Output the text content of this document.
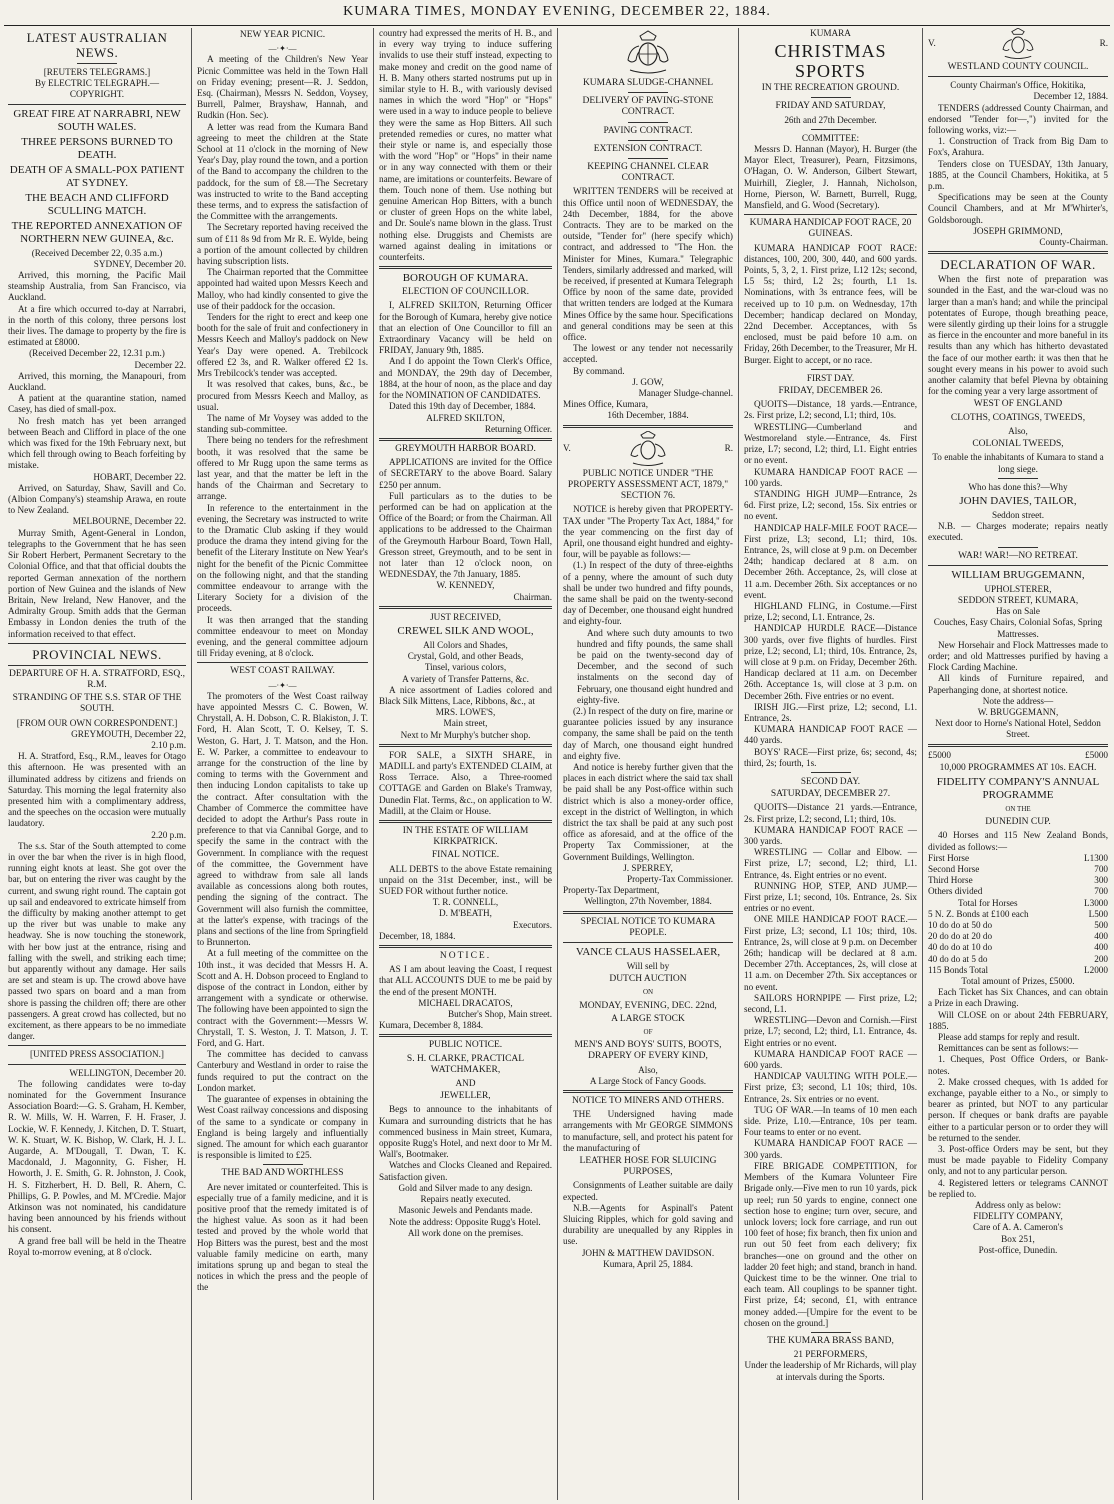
KUMARA TIMES, MONDAY EVENING, DECEMBER 22, 1884.
LATEST AUSTRALIAN NEWS.
[REUTERS TELEGRAMS.]
By ELECTRIC TELEGRAPH.—COPYRIGHT.
GREAT FIRE AT NARRABRI, NEW SOUTH WALES.
THREE PERSONS BURNED TO DEATH.
DEATH OF A SMALL-POX PATIENT AT SYDNEY.
THE BEACH AND CLIFFORD SCULLING MATCH.
THE REPORTED ANNEXATION OF NORTHERN NEW GUINEA, &c.
(Received December 22, 0.35 a.m.)
SYDNEY, December 20.

Arrived, this morning, the Pacific Mail steamship Australia, from San Francisco, via Auckland.

At a fire which occurred to-day at Narrabri, in the north of this colony, three persons lost their lives. The damage to property by the fire is estimated at £8000.

(Received December 22, 12.31 p.m.)
December 22.

Arrived, this morning, the Manapouri, from Auckland.

A patient at the quarantine station, named Casey, has died of small-pox.

No fresh match has yet been arranged between Beach and Clifford in place of the one which was fixed for the 19th February next, but which fell through owing to Beach forfeiting by mistake.

HOBART, December 22.

Arrived, on Saturday, Shaw, Savill and Co. (Albion Company's) steamship Arawa, en route to New Zealand.

MELBOURNE, December 22.

Murray Smith, Agent-General in London, telegraphs to the Government that he has seen Sir Robert Herbert, Permanent Secretary to the Colonial Office, and that that official doubts the reported German annexation of the northern portion of New Guinea and the islands of New Britain, New Ireland, New Hanover, and the Admiralty Group. Smith adds that the German Embassy in London denies the truth of the information received to that effect.

PROVINCIAL NEWS.
DEPARTURE OF H. A. STRATFORD, ESQ., R.M.
STRANDING OF THE S.S. STAR OF THE SOUTH.
[FROM OUR OWN CORRESPONDENT.]
GREYMOUTH, December 22,
2.10 p.m.

H. A. Stratford, Esq., R.M., leaves for Otago this afternoon. He was presented with an illuminated address by citizens and friends on Saturday. This morning the legal fraternity also presented him with a complimentary address, and the speeches on the occasion were mutually laudatory.

2.20 p.m.

The s.s. Star of the South attempted to come in over the bar when the river is in high flood, running eight knots at least. She got over the bar, but on entering the river was caught by the current, and swung right round. The captain got up sail and endeavored to extricate himself from the difficulty by making another attempt to get up the river but was unable to make any headway. She is now touching the stonework, with her bow just at the entrance, rising and falling with the swell, and striking each time; but apparently without any damage. Her sails are set and steam is up. The crowd above have passed two spars on board and a man from shore is passing the children off; there are other passengers. A great crowd has collected, but no excitement, as there appears to be no immediate danger.

[UNITED PRESS ASSOCIATION.]
WELLINGTON, December 20.

The following candidates were to-day nominated for the Government Insurance Association Board:—G. S. Graham, H. Kember, R. W. Mills, W. H. Warren, F. H. Fraser, J. Lockie, W. F. Kennedy, J. Kitchen, D. T. Stuart, W. K. Stuart, W. K. Bishop, W. Clark, H. J. L. Augarde, A. M'Dougall, T. Dwan, T. K. Macdonald, J. Magonnity, G. Fisher, H. Howorth, J. E. Smith, G. R. Johnston, J. Cook, H. S. Fitzherbert, H. D. Bell, R. Ahern, C. Phillips, G. P. Powles, and M. M'Credie. Major Atkinson was not nominated, his candidature having been announced by his friends without his consent.

A grand free ball will be held in the Theatre Royal to-morrow evening, at 8 o'clock.

NEW YEAR PICNIC.
—·✦·—

A meeting of the Children's New Year Picnic Committee was held in the Town Hall on Friday evening; present—R. J. Seddon, Esq. (Chairman), Messrs N. Seddon, Voysey, Burrell, Palmer, Brayshaw, Hannah, and Rudkin (Hon. Sec).

A letter was read from the Kumara Band agreeing to meet the children at the State School at 11 o'clock in the morning of New Year's Day, play round the town, and a portion of the Band to accompany the children to the paddock, for the sum of £8.—The Secretary was instructed to write to the Band accepting these terms, and to express the satisfaction of the Committee with the arrangements.

The Secretary reported having received the sum of £11 8s 9d from Mr R. E. Wylde, being a portion of the amount collected by children having subscription lists.

The Chairman reported that the Committee appointed had waited upon Messrs Keech and Malloy, who had kindly consented to give the use of their paddock for the occasion.

Tenders for the right to erect and keep one booth for the sale of fruit and confectionery in Messrs Keech and Malloy's paddock on New Year's Day were opened. A. Trebilcock offered £2 3s, and R. Walker offered £2 1s. Mrs Trebilcock's tender was accepted.

It was resolved that cakes, buns, &c., be procured from Messrs Keech and Malloy, as usual.

The name of Mr Voysey was added to the standing sub-committee.

There being no tenders for the refreshment booth, it was resolved that the same be offered to Mr Rugg upon the same terms as last year, and that the matter be left in the hands of the Chairman and Secretary to arrange.

In reference to the entertainment in the evening, the Secretary was instructed to write to the Dramatic Club asking if they would produce the drama they intend giving for the benefit of the Literary Institute on New Year's night for the benefit of the Picnic Committee on the following night, and that the standing committee endeavour to arrange with the Literary Society for a division of the proceeds.

It was then arranged that the standing committee endeavour to meet on Monday evening, and the general committee adjourn till Friday evening, at 8 o'clock.

WEST COAST RAILWAY.
—·✦·—

The promoters of the West Coast railway have appointed Messrs C. C. Bowen, W. Chrystall, A. H. Dobson, C. R. Blakiston, J. T. Ford, H. Alan Scott, T. O. Kelsey, T. S. Weston, G. Hart, J. T. Matson, and the Hon. E. W. Parker, a committee to endeavour to arrange for the construction of the line by coming to terms with the Government and then inducing London capitalists to take up the contract. After consultation with the Chamber of Commerce the committee have decided to adopt the Arthur's Pass route in preference to that via Cannibal Gorge, and to specify the same in the contract with the Government. In compliance with the request of the committee, the Government have agreed to withdraw from sale all lands available as concessions along both routes, pending the signing of the contract. The Government will also furnish the committee, at the latter's expense, with tracings of the plans and sections of the line from Springfield to Brunnerton.

At a full meeting of the committee on the 10th inst., it was decided that Messrs H. A. Scott and A. H. Dobson proceed to England to dispose of the contract in London, either by arrangement with a syndicate or otherwise. The following have been appointed to sign the contract with the Government:—Messrs W. Chrystall, T. S. Weston, J. T. Matson, J. T. Ford, and G. Hart.

The committee has decided to canvass Canterbury and Westland in order to raise the funds required to put the contract on the London market.

The guarantee of expenses in obtaining the West Coast railway concessions and disposing of the same to a syndicate or company in England is being largely and influentially signed. The amount for which each guarantor is responsible is limited to £25.

THE BAD AND WORTHLESS

Are never imitated or counterfeited. This is especially true of a family medicine, and it is positive proof that the remedy imitated is of the highest value. As soon as it had been tested and proved by the whole world that Hop Bitters was the purest, best and the most valuable family medicine on earth, many imitations sprung up and began to steal the notices in which the press and the people of the

country had expressed the merits of H. B., and in every way trying to induce suffering invalids to use their stuff instead, expecting to make money and credit on the good name of H. B. Many others started nostrums put up in similar style to H. B., with variously devised names in which the word "Hop" or "Hops" were used in a way to induce people to believe they were the same as Hop Bitters. All such pretended remedies or cures, no matter what their style or name is, and especially those with the word "Hop" or "Hops" in their name or in any way connected with them or their name, are imitations or counterfeits. Beware of them. Touch none of them. Use nothing but genuine American Hop Bitters, with a bunch or cluster of green Hops on the white label, and Dr. Soule's name blown in the glass. Trust nothing else. Druggists and Chemists are warned against dealing in imitations or counterfeits.

BOROUGH OF KUMARA.
ELECTION OF COUNCILLOR.

I, ALFRED SKILTON, Returning Officer for the Borough of Kumara, hereby give notice that an election of One Councillor to fill an Extraordinary Vacancy will be held on FRIDAY, January 9th, 1885.

And I do appoint the Town Clerk's Office, and MONDAY, the 29th day of December, 1884, at the hour of noon, as the place and day for the NOMINATION OF CANDIDATES.

Dated this 19th day of December, 1884.

ALFRED SKILTON,
Returning Officer.
GREYMOUTH HARBOR BOARD.

APPLICATIONS are invited for the Office of SECRETARY to the above Board. Salary £250 per annum.

Full particulars as to the duties to be performed can be had on application at the Office of the Board; or from the Chairman. All applications to be addressed to the Chairman of the Greymouth Harbour Board, Town Hall, Gresson street, Greymouth, and to be sent in not later than 12 o'clock noon, on WEDNESDAY, the 7th January, 1885.

W. KENNEDY,
Chairman.
JUST RECEIVED,
CREWEL SILK AND WOOL,
All Colors and Shades,
Crystal, Gold, and other Beads,
Tinsel, various colors,
A variety of Transfer Patterns, &c.

A nice assortment of Ladies colored and Black Silk Mittens, Lace, Ribbons, &c., at

MRS. LOWE'S,
Main street,
Next to Mr Murphy's butcher shop.

FOR SALE, a SIXTH SHARE, in MADILL and party's EXTENDED CLAIM, at Ross Terrace. Also, a Three-roomed COTTAGE and Garden on Blake's Tramway, Dunedin Flat. Terms, &c., on application to W. Madill, at the Claim or House.

IN THE ESTATE OF WILLIAM KIRKPATRICK.
FINAL NOTICE.

ALL DEBTS to the above Estate remaining unpaid on the 31st December, inst., will be SUED FOR without further notice.

T. R. CONNELL,
D. M'BEATH,
Executors.
December, 18, 1884.
NOTICE.

AS I am about leaving the Coast, I request that ALL ACCOUNTS DUE to me be paid by the end of the present MONTH.

MICHAEL DRACATOS,
Butcher's Shop, Main street.
Kumara, December 8, 1884.
PUBLIC NOTICE.
S. H. CLARKE, PRACTICAL WATCHMAKER,
AND
JEWELLER,

Begs to announce to the inhabitants of Kumara and surrounding districts that he has commenced business in Main street, Kumara, opposite Rugg's Hotel, and next door to Mr M. Wall's, Bootmaker.

Watches and Clocks Cleaned and Repaired. Satisfaction given.

Gold and Silver made to any design.
Repairs neatly executed.
Masonic Jewels and Pendants made.

Note the address: Opposite Rugg's Hotel.

All work done on the premises.
KUMARA SLUDGE-CHANNEL
DELIVERY OF PAVING-STONE CONTRACT.
PAVING CONTRACT.
EXTENSION CONTRACT.
KEEPING CHANNEL CLEAR CONTRACT.

WRITTEN TENDERS will be received at this Office until noon of WEDNESDAY, the 24th December, 1884, for the above Contracts. They are to be marked on the outside, "Tender for" (here specify which) contract, and addressed to "The Hon. the Minister for Mines, Kumara." Telegraphic Tenders, similarly addressed and marked, will be received, if presented at Kumara Telegraph Office by noon of the same date, provided that written tenders are lodged at the Kumara Mines Office by the same hour. Specifications and general conditions may be seen at this office.

The lowest or any tender not necessarily accepted.

By command.

J. GOW,
Manager Sludge-channel.
Mines Office, Kumara,
16th December, 1884.
V.	R.
PUBLIC NOTICE UNDER "THE PROPERTY ASSESSMENT ACT, 1879," SECTION 76.

NOTICE is hereby given that PROPERTY-TAX under "The Property Tax Act, 1884," for the year commencing on the first day of April, one thousand eight hundred and eighty-four, will be payable as follows:—

(1.) In respect of the duty of three-eighths of a penny, where the amount of such duty shall be under two hundred and fifty pounds, the same shall be paid on the twenty-second day of December, one thousand eight hundred and eighty-four.

And where such duty amounts to two hundred and fifty pounds, the same shall be paid on the twenty-second day of December, and the second of such instalments on the second day of February, one thousand eight hundred and eighty-five.

(2.) In respect of the duty on fire, marine or guarantee policies issued by any insurance company, the same shall be paid on the tenth day of March, one thousand eight hundred and eighty five.

And notice is hereby further given that the places in each district where the said tax shall be paid shall be any Post-office within such district which is also a money-order office, except in the district of Wellington, in which district the tax shall be paid at any such post office as aforesaid, and at the office of the Property Tax Commissioner, at the Government Buildings, Wellington.

J. SPERREY,
Property-Tax Commissioner.
Property-Tax Department,
Wellington, 27th November, 1884.
SPECIAL NOTICE TO KUMARA PEOPLE.
VANCE CLAUS HASSELAER,
Will sell by
DUTCH AUCTION
ON
MONDAY, EVENING, DEC. 22nd,
A LARGE STOCK
OF
MEN'S AND BOYS' SUITS, BOOTS, DRAPERY OF EVERY KIND,
Also,
A Large Stock of Fancy Goods.
NOTICE TO MINERS AND OTHERS.

THE Undersigned having made arrangements with Mr GEORGE SIMMONS to manufacture, sell, and protect his patent for the manufacturing of

LEATHER HOSE FOR SLUICING PURPOSES,

Consignments of Leather suitable are daily expected.

N.B.—Agents for Aspinall's Patent Sluicing Ripples, which for gold saving and durability are unequalled by any Ripples in use.

JOHN & MATTHEW DAVIDSON.
Kumara, April 25, 1884.
KUMARA
CHRISTMAS SPORTS
IN THE RECREATION GROUND.
FRIDAY AND SATURDAY,
26th and 27th December.
COMMITTEE:

Messrs D. Hannan (Mayor), H. Burger (the Mayor Elect, Treasurer), Pearn, Fitzsimons, O'Hagan, O. W. Anderson, Gilbert Stewart, Muirhill, Ziegler, J. Hannah, Nicholson, Horne, Pierson, W. Barnett, Burrell, Rugg, Mansfield, and G. Wood (Secretary).

KUMARA HANDICAP FOOT RACE, 20 GUINEAS.

KUMARA HANDICAP FOOT RACE: distances, 100, 200, 300, 440, and 600 yards. Points, 5, 3, 2, 1. First prize, L12 12s; second, L5 5s; third, L2 2s; fourth, L1 1s. Nominations, with 3s entrance fees, will be received up to 10 p.m. on Wednesday, 17th December; handicap declared on Monday, 22nd December. Acceptances, with 5s enclosed, must be paid before 10 a.m. on Friday, 26th December, to the Treasurer, Mr H. Burger. Eight to accept, or no race.

FIRST DAY.
FRIDAY, DECEMBER 26.

QUOITS—Distance, 18 yards.—Entrance, 2s. First prize, L2; second, L1; third, 10s.

WRESTLING—Cumberland and Westmoreland style.—Entrance, 4s. First prize, L7; second, L2; third, L1. Eight entries or no event.

KUMARA HANDICAP FOOT RACE — 100 yards.

STANDING HIGH JUMP—Entrance, 2s 6d. First prize, L2; second, 15s. Six entries or no event.

HANDICAP HALF-MILE FOOT RACE—First prize, L3; second, L1; third, 10s. Entrance, 2s, will close at 9 p.m. on December 24th; handicap declared at 8 a.m. on December 26th. Acceptance, 2s, will close at 11 a.m. December 26th. Six acceptances or no event.

HIGHLAND FLING, in Costume.—First prize, L2; second, L1. Entrance, 2s.

HANDICAP HURDLE RACE—Distance 300 yards, over five flights of hurdles. First prize, L2; second, L1; third, 10s. Entrance, 2s, will close at 9 p.m. on Friday, December 26th. Handicap declared at 11 a.m. on December 26th. Acceptance 1s, will close at 3 p.m. on December 26th. Five entries or no event.

IRISH JIG.—First prize, L2; second, L1. Entrance, 2s.

KUMARA HANDICAP FOOT RACE — 440 yards.

BOYS' RACE—First prize, 6s; second, 4s; third, 2s; fourth, 1s.

SECOND DAY.
SATURDAY, DECEMBER 27.

QUOITS—Distance 21 yards.—Entrance, 2s. First prize, L2; second, L1; third, 10s.

KUMARA HANDICAP FOOT RACE — 300 yards.

WRESTLING — Collar and Elbow. — First prize, L7; second, L2; third, L1. Entrance, 4s. Eight entries or no event.

RUNNING HOP, STEP, AND JUMP.—First prize, L1; second, 10s. Entrance, 2s. Six entries or no event.

ONE MILE HANDICAP FOOT RACE.—First prize, L3; second, L1 10s; third, 10s. Entrance, 2s, will close at 9 p.m. on December 26th; handicap will be declared at 8 a.m. December 27th. Acceptances, 2s, will close at 11 a.m. on December 27th. Six acceptances or no event.

SAILORS HORNPIPE — First prize, L2; second, L1.

WRESTLING—Devon and Cornish.—First prize, L7; second, L2; third, L1. Entrance, 4s. Eight entries or no event.

KUMARA HANDICAP FOOT RACE — 600 yards.

HANDICAP VAULTING WITH POLE.—First prize, £3; second, L1 10s; third, 10s. Entrance, 2s. Six entries or no event.

TUG OF WAR.—In teams of 10 men each side. Prize, L10.—Entrance, 10s per team. Four teams to enter or no event.

KUMARA HANDICAP FOOT RACE — 300 yards.

FIRE BRIGADE COMPETITION, for Members of the Kumara Volunteer Fire Brigade only.—Five men to run 10 yards, pick up reel; run 50 yards to engine, connect one section hose to engine; turn over, secure, and unlock lovers; lock fore carriage, and run out 100 feet of hose; fix branch, then fix union and run out 50 feet from each delivery; fix branches—one on ground and the other on ladder 20 feet high; and stand, branch in hand. Quickest time to be the winner. One trial to each team. All couplings to be spanner tight. First prize, £4; second, £1, with entrance money added.—[Umpire for the event to be chosen on the ground.]

THE KUMARA BRASS BAND,
21 PERFORMERS,
Under the leadership of Mr Richards, will play at intervals during the Sports.
V.	R.
WESTLAND COUNTY COUNCIL.
County Chairman's Office, Hokitika,
December 12, 1884.

TENDERS (addressed County Chairman, and endorsed "Tender for—,") invited for the following works, viz:—

1. Construction of Track from Big Dam to Fox's, Arahura.

Tenders close on TUESDAY, 13th January, 1885, at the Council Chambers, Hokitika, at 5 p.m.

Specifications may be seen at the County Council Chambers, and at Mr M'Whirter's, Goldsborough.

JOSEPH GRIMMOND,
County-Chairman.
DECLARATION OF WAR.

When the first note of preparation was sounded in the East, and the war-cloud was no larger than a man's hand; and while the principal potentates of Europe, though breathing peace, were silently girding up their loins for a struggle as fierce in the encounter and more baneful in its results than any which has hitherto devastated the face of our mother earth: it was then that he sought every means in his power to avoid such another calamity that befel Plevna by obtaining for the coming year a very large assortment of

WEST OF ENGLAND
CLOTHS, COATINGS, TWEEDS,
Also,
COLONIAL TWEEDS,
To enable the inhabitants of Kumara to stand a long siege.
Who has done this?—Why
JOHN DAVIES, TAILOR,
Seddon street.

N.B. — Charges moderate; repairs neatly executed.

WAR! WAR!—NO RETREAT.
WILLIAM BRUGGEMANN,
UPHOLSTERER,
SEDDON STREET, KUMARA,
Has on Sale
Couches, Easy Chairs, Colonial Sofas, Spring Mattresses.

New Horsehair and Flock Mattresses made to order; and old Mattresses purified by having a Flock Carding Machine.

All kinds of Furniture repaired, and Paperhanging done, at shortest notice.

Note the address—
W. BRUGGEMANN,
Next door to Horne's National Hotel, Seddon Street.
£5000	£5000
10,000 PROGRAMMES AT 10s. EACH.
FIDELITY COMPANY'S ANNUAL PROGRAMME
ON THE
DUNEDIN CUP.

40 Horses and 115 New Zealand Bonds, divided as follows:—

First Horse	L1300
Second Horse	700
Third Horse	300
Others divided	700
Total for Horses	L3000
5 N. Z. Bonds at £100 each	L500
10 do do at 50 do	500
20 do do at 20 do	400
40 do do at 10 do	400
40 do do at 5 do	200
115 Bonds Total	L2000
Total amount of Prizes, £5000.

Each Ticket has Six Chances, and can obtain a Prize in each Drawing.

Will CLOSE on or about 24th FEBRUARY, 1885.

Please add stamps for reply and result.

Remittances can be sent as follows:—

1. Cheques, Post Office Orders, or Bank-notes.

2. Make crossed cheques, with 1s added for exchange, payable either to a No., or simply to bearer as printed, but NOT to any particular person. If cheques or bank drafts are payable either to a particular person or to order they will be returned to the sender.

3. Post-office Orders may be sent, but they must be made payable to Fidelity Company only, and not to any particular person.

4. Registered letters or telegrams CANNOT be replied to.

Address only as below:
FIDELITY COMPANY,
Care of A. A. Cameron's
Box 251,
Post-office, Dunedin.
